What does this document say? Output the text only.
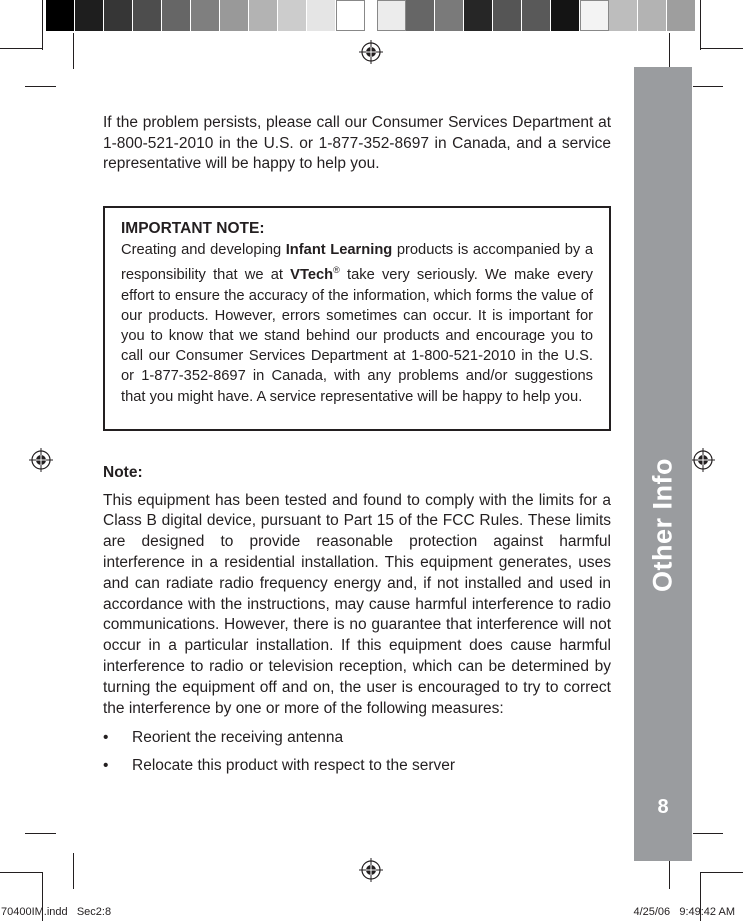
Other Info
8
If the problem persists, please call our Consumer Services Department at 1-800-521-2010 in the U.S. or 1-877-352-8697 in Canada, and a service representative will be happy to help you.
IMPORTANT NOTE:
Creating and developing Infant Learning products is accompanied by a responsibility that we at VTech® take very seriously. We make every effort to ensure the accuracy of the information, which forms the value of our products. However, errors sometimes can occur. It is important for you to know that we stand behind our products and encourage you to call our Consumer Services Department at 1-800-521-2010 in the U.S. or 1-877-352-8697 in Canada, with any problems and/or suggestions that you might have. A service representative will be happy to help you.
Note:
This equipment has been tested and found to comply with the limits for a Class B digital device, pursuant to Part 15 of the FCC Rules. These limits are designed to provide reasonable protection against harmful interference in a residential installation. This equipment generates, uses and can radiate radio frequency energy and, if not installed and used in accordance with the instructions, may cause harmful interference to radio communications. However, there is no guarantee that interference will not occur in a particular installation. If this equipment does cause harmful interference to radio or television reception, which can be determined by turning the equipment off and on, the user is encouraged to try to correct the interference by one or more of the following measures:
• Reorient the receiving antenna
• Relocate this product with respect to the server
70400IM.indd   Sec2:8	4/25/06   9:49:42 AM
